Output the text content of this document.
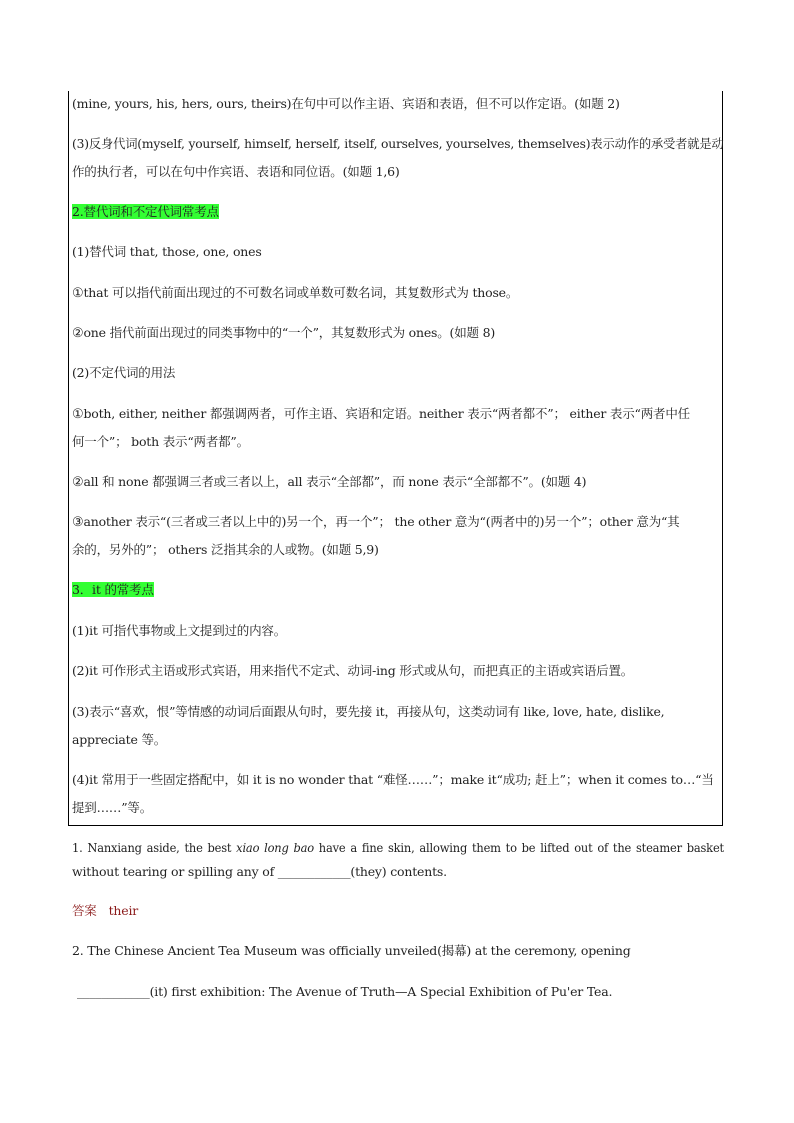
(mine, yours, his, hers, ours, theirs)在句中可以作主语、宾语和表语，但不可以作定语。(如题 2)
(3)反身代词(myself, yourself, himself, herself, itself, ourselves, yourselves, themselves)表示动作的承受者就是动
作的执行者，可以在句中作宾语、表语和同位语。(如题 1,6)
2.替代词和不定代词常考点
(1)替代词 that, those, one, ones
①that 可以指代前面出现过的不可数名词或单数可数名词，其复数形式为 those。
②one 指代前面出现过的同类事物中的“一个”，其复数形式为 ones。(如题 8)
(2)不定代词的用法
①both, either, neither 都强调两者，可作主语、宾语和定语。neither 表示“两者都不”； either 表示“两者中任
何一个”； both 表示“两者都”。
②all 和 none 都强调三者或三者以上，all 表示“全部都”，而 none 表示“全部都不”。(如题 4)
③another 表示“(三者或三者以上中的)另一个，再一个”； the other 意为“(两者中的)另一个”；other 意为“其
余的，另外的”； others 泛指其余的人或物。(如题 5,9)
3．it 的常考点
(1)it 可指代事物或上文提到过的内容。
(2)it 可作形式主语或形式宾语，用来指代不定式、动词-ing 形式或从句，而把真正的主语或宾语后置。
(3)表示“喜欢，恨”等情感的动词后面跟从句时，要先接 it，再接从句，这类动词有 like, love, hate, dislike,
appreciate 等。
(4)it 常用于一些固定搭配中，如 it is no wonder that “难怪……”；make it“成功; 赶上”；when it comes to…“当
提到……”等。
1. Nanxiang aside, the best xiao long bao have a fine skin, allowing them to be lifted out of the steamer basket
without tearing or spilling any of ____________(they) contents.
答案 their
2. The Chinese Ancient Tea Museum was officially unveiled(揭幕) at the ceremony, opening
____________(it) first exhibition: The Avenue of Truth—A Special Exhibition of Pu'er Tea.
